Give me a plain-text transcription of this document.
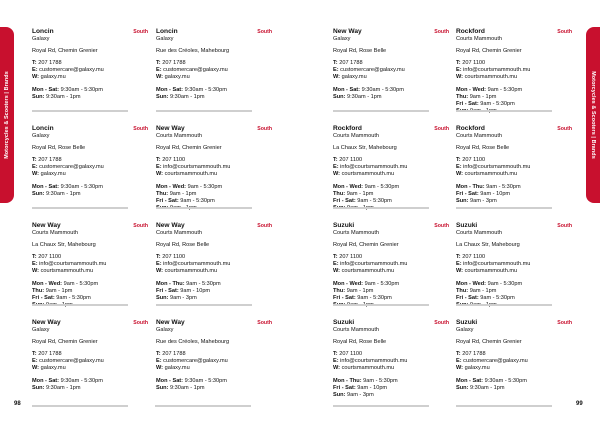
Motorcycles & Scooters | Brands	Motorcycles & Scooters | Brands
Loncin	South
Galaxy
Royal Rd, Chemin Grenier
T: 207 1788
E: customercare@galaxy.mu
W: galaxy.mu
Mon - Sat: 9:30am - 5:30pm
Sun: 9:30am - 1pm
Loncin	South
Galaxy
Rue des Créoles, Mahebourg
T: 207 1788
E: customercare@galaxy.mu
W: galaxy.mu
Mon - Sat: 9:30am - 5:30pm
Sun: 9:30am - 1pm
New Way	South
Galaxy
Royal Rd, Rose Belle
T: 207 1788
E: customercare@galaxy.mu
W: galaxy.mu
Mon - Sat: 9:30am - 5:30pm
Sun: 9:30am - 1pm
Rockford	South
Courts Mammouth
Royal Rd, Chemin Grenier
T: 207 1100
E: info@courtsmammouth.mu
W: courtsmammouth.mu
Mon - Wed: 9am - 5:30pm
Thu: 9am - 1pm
Fri - Sat: 9am - 5:30pm
Loncin	South
Galaxy
Royal Rd, Rose Belle
T: 207 1788
E: customercare@galaxy.mu
W: galaxy.mu
Mon - Sat: 9:30am - 5:30pm
Sun: 9:30am - 1pm
New Way	South
Courts Mammouth
Royal Rd, Chemin Grenier
T: 207 1100
E: info@courtsmammouth.mu
W: courtsmammouth.mu
Mon - Wed: 9am - 5:30pm
Thu: 9am - 1pm
Fri - Sat: 9am - 5:30pm
Rockford	South
Courts Mammouth
La Chaux Str, Mahebourg
T: 207 1100
E: info@courtsmammouth.mu
W: courtsmammouth.mu
Mon - Wed: 9am - 5:30pm
Thu: 9am - 1pm
Fri - Sat: 9am - 5:30pm
Rockford	South
Courts Mammouth
Royal Rd, Rose Belle
T: 207 1100
E: info@courtsmammouth.mu
W: courtsmammouth.mu
Mon - Thu: 9am - 5:30pm
Fri - Sat: 9am - 10pm
Sun: 9am - 3pm
New Way	South
Courts Mammouth
La Chaux Str, Mahebourg
T: 207 1100
E: info@courtsmammouth.mu
W: courtsmammouth.mu
Mon - Wed: 9am - 5:30pm
Thu: 9am - 1pm
Fri - Sat: 9am - 5:30pm
New Way	South
Courts Mammouth
Royal Rd, Rose Belle
T: 207 1100
E: info@courtsmammouth.mu
W: courtsmammouth.mu
Mon - Thu: 9am - 5:30pm
Fri - Sat: 9am - 10pm
Sun: 9am - 3pm
Suzuki	South
Courts Mammouth
Royal Rd, Chemin Grenier
T: 207 1100
E: info@courtsmammouth.mu
W: courtsmammouth.mu
Mon - Wed: 9am - 5:30pm
Thu: 9am - 1pm
Fri - Sat: 9am - 5:30pm
Suzuki	South
Courts Mammouth
La Chaux Str, Mahebourg
T: 207 1100
E: info@courtsmammouth.mu
W: courtsmammouth.mu
Mon - Wed: 9am - 5:30pm
Thu: 9am - 1pm
Fri - Sat: 9am - 5:30pm
New Way	South
Galaxy
Royal Rd, Chemin Grenier
T: 207 1788
E: customercare@galaxy.mu
W: galaxy.mu
Mon - Sat: 9:30am - 5:30pm
Sun: 9:30am - 1pm
New Way	South
Galaxy
Rue des Créoles, Mahebourg
T: 207 1788
E: customercare@galaxy.mu
W: galaxy.mu
Mon - Sat: 9:30am - 5:30pm
Sun: 9:30am - 1pm
Suzuki	South
Courts Mammouth
Royal Rd, Rose Belle
T: 207 1100
E: info@courtsmammouth.mu
W: courtsmammouth.mu
Mon - Thu: 9am - 5:30pm
Fri - Sat: 9am - 10pm
Sun: 9am - 3pm
Suzuki	South
Galaxy
Royal Rd, Chemin Grenier
T: 207 1788
E: customercare@galaxy.mu
W: galaxy.mu
Mon - Sat: 9:30am - 5:30pm
Sun: 9:30am - 1pm
98	99
